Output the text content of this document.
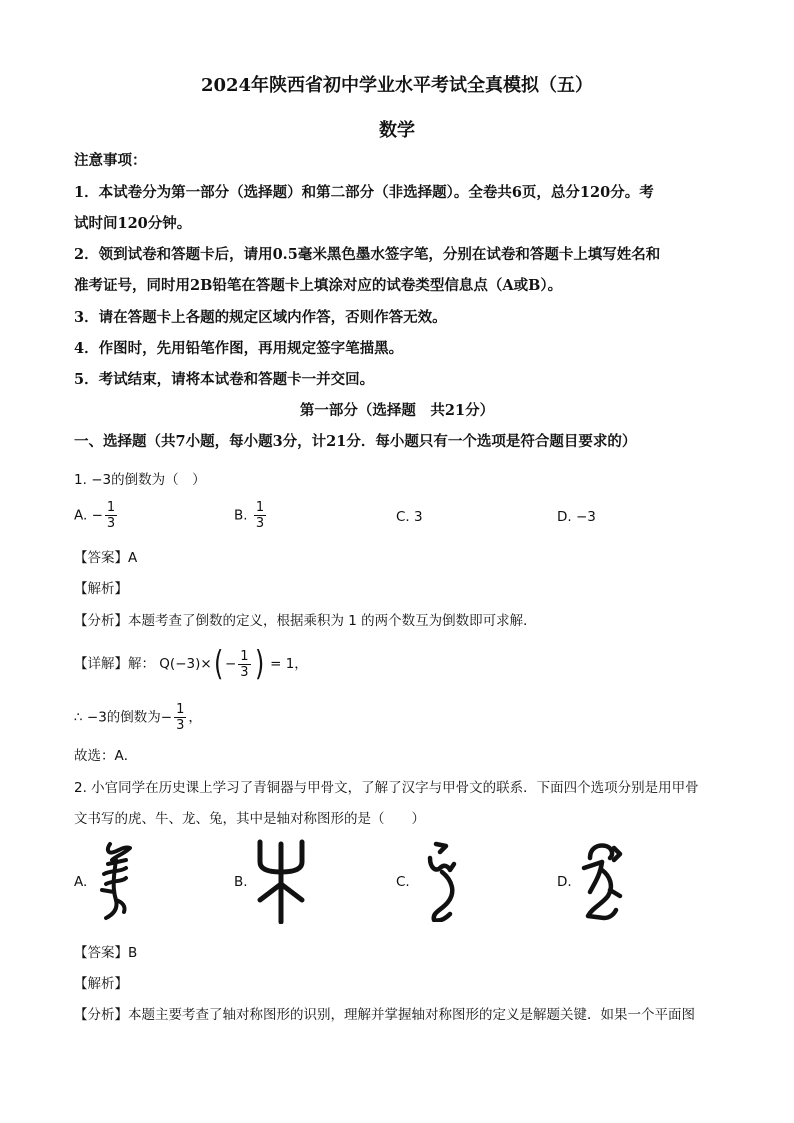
2024年陕西省初中学业水平考试全真模拟（五）
数学
注意事项：
1．本试卷分为第一部分（选择题）和第二部分（非选择题）。全卷共6页，总分120分。考
试时间120分钟。
2．领到试卷和答题卡后，请用0.5毫米黑色墨水签字笔，分别在试卷和答题卡上填写姓名和
准考证号，同时用2B铅笔在答题卡上填涂对应的试卷类型信息点（A或B）。
3．请在答题卡上各题的规定区域内作答，否则作答无效。
4．作图时，先用铅笔作图，再用规定签字笔描黑。
5．考试结束，请将本试卷和答题卡一并交回。
第一部分（选择题　共21分）
一、选择题（共7小题，每小题3分，计21分．每小题只有一个选项是符合题目要求的）
1. −3的倒数为（　）
A. − $\frac{1}{3}$	B. $\frac{1}{3}$	C. 3	D. −3
【答案】A
【解析】
【分析】本题考查了倒数的定义，根据乘积为 1 的两个数互为倒数即可求解．
【详解】解： $Q(-3)\times( - \frac{1}{3}$ ) = 1，
∴ −3的倒数为− $\frac{1}{3}$ ，
故选：A．
2. 小官同学在历史课上学习了青铜器与甲骨文，了解了汉字与甲骨文的联系．下面四个选项分别是用甲骨
文书写的虎、牛、龙、兔，其中是轴对称图形的是（　　）
A.	B.	C.	D.
【答案】B
【解析】
【分析】本题主要考查了轴对称图形的识别，理解并掌握轴对称图形的定义是解题关键．如果一个平面图
